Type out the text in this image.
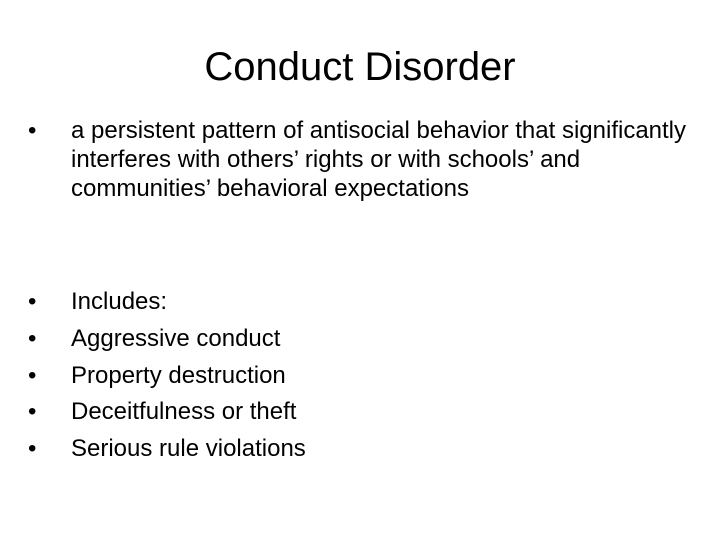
Conduct Disorder
•	a persistent pattern of antisocial behavior that significantly interferes with others’ rights or with schools’ and communities’ behavioral expectations
•	Includes:
•	Aggressive conduct
•	Property destruction
•	Deceitfulness or theft
•	Serious rule violations
